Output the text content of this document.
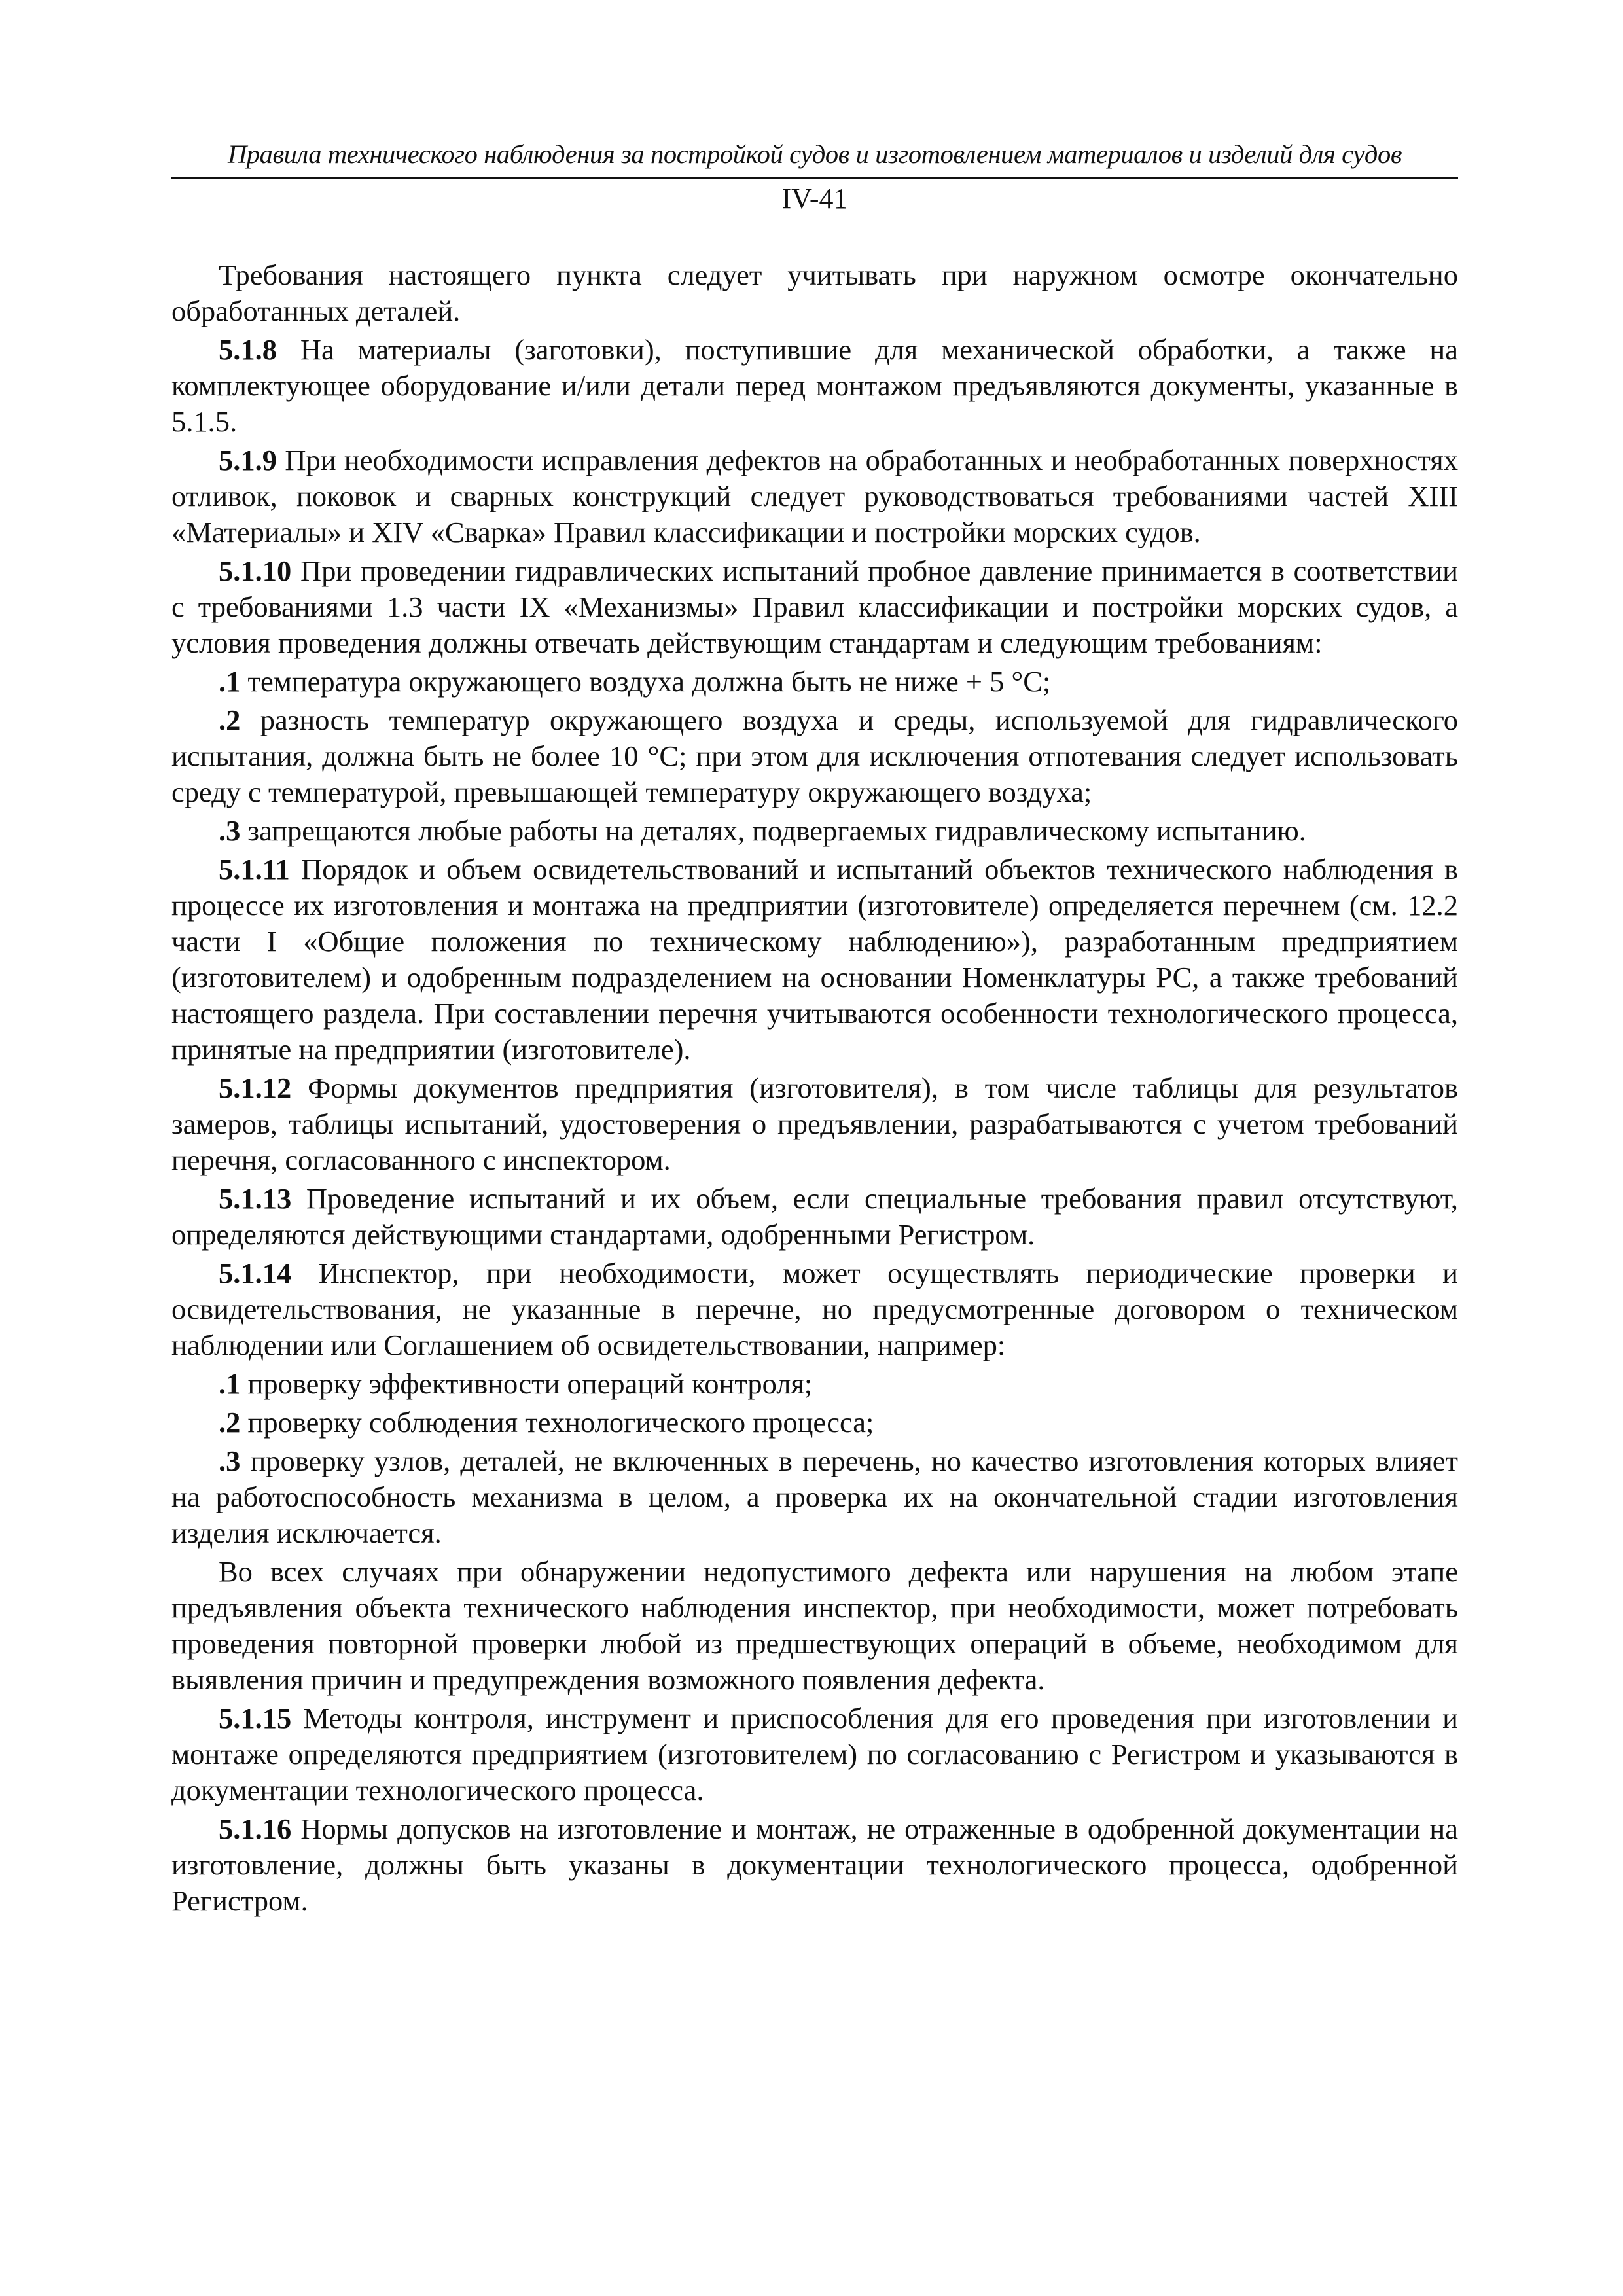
Правила технического наблюдения за постройкой судов и изготовлением материалов и изделий для судов
IV-41

Требования настоящего пункта следует учитывать при наружном осмотре окончательно обработанных деталей.

5.1.8 На материалы (заготовки), поступившие для механической обработки, а также на комплектующее оборудование и/или детали перед монтажом предъявляются документы, указанные в 5.1.5.

5.1.9 При необходимости исправления дефектов на обработанных и необработанных поверхностях отливок, поковок и сварных конструкций следует руководствоваться требованиями частей XIII «Материалы» и XIV «Сварка» Правил классификации и постройки морских судов.

5.1.10 При проведении гидравлических испытаний пробное давление принимается в соответствии с требованиями 1.3 части IX «Механизмы» Правил классификации и постройки морских судов, а условия проведения должны отвечать действующим стандартам и следующим требованиям:

.1 температура окружающего воздуха должна быть не ниже + 5 °С;

.2 разность температур окружающего воздуха и среды, используемой для гидравлического испытания, должна быть не более 10 °С; при этом для исключения отпотевания следует использовать среду с температурой, превышающей температуру окружающего воздуха;

.3 запрещаются любые работы на деталях, подвергаемых гидравлическому испытанию.

5.1.11 Порядок и объем освидетельствований и испытаний объектов технического наблюдения в процессе их изготовления и монтажа на предприятии (изготовителе) определяется перечнем (см. 12.2 части I «Общие положения по техническому наблюдению»), разработанным предприятием (изготовителем) и одобренным подразделением на основании Номенклатуры РС, а также требований настоящего раздела. При составлении перечня учитываются особенности технологического процесса, принятые на предприятии (изготовителе).

5.1.12 Формы документов предприятия (изготовителя), в том числе таблицы для результатов замеров, таблицы испытаний, удостоверения о предъявлении, разрабатываются с учетом требований перечня, согласованного с инспектором.

5.1.13 Проведение испытаний и их объем, если специальные требования правил отсутствуют, определяются действующими стандартами, одобренными Регистром.

5.1.14 Инспектор, при необходимости, может осуществлять периодические проверки и освидетельствования, не указанные в перечне, но предусмотренные договором о техническом наблюдении или Соглашением об освидетельствовании, например:

.1 проверку эффективности операций контроля;

.2 проверку соблюдения технологического процесса;

.3 проверку узлов, деталей, не включенных в перечень, но качество изготовления которых влияет на работоспособность механизма в целом, а проверка их на окончательной стадии изготовления изделия исключается.

Во всех случаях при обнаружении недопустимого дефекта или нарушения на любом этапе предъявления объекта технического наблюдения инспектор, при необходимости, может потребовать проведения повторной проверки любой из предшествующих операций в объеме, необходимом для выявления причин и предупреждения возможного появления дефекта.

5.1.15 Методы контроля, инструмент и приспособления для его проведения при изготовлении и монтаже определяются предприятием (изготовителем) по согласованию с Регистром и указываются в документации технологического процесса.

5.1.16 Нормы допусков на изготовление и монтаж, не отраженные в одобренной документации на изготовление, должны быть указаны в документации технологического процесса, одобренной Регистром.
